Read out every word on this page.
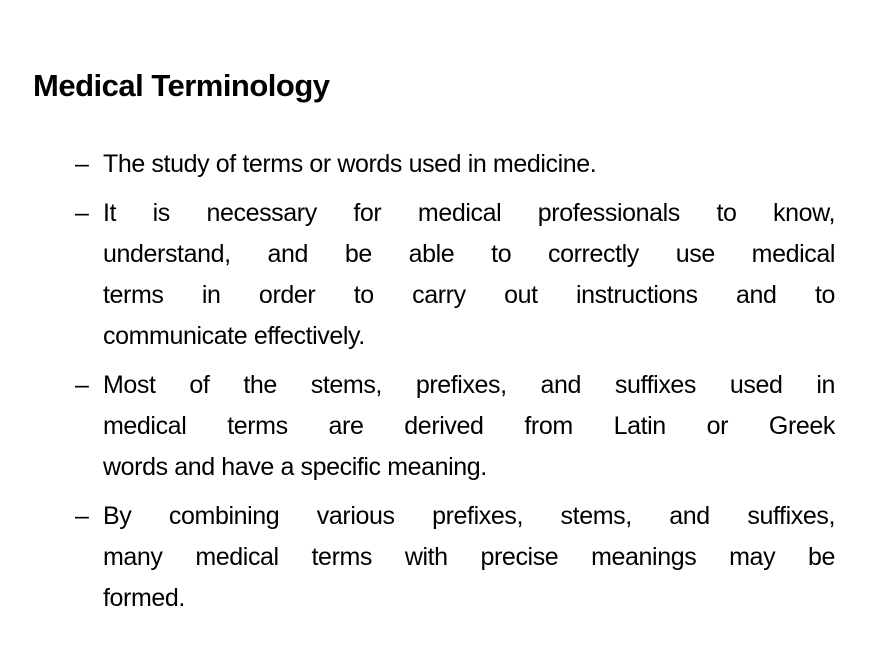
Medical Terminology
– The study of terms or words used in medicine.
– It is necessary for medical professionals to know,
understand, and be able to correctly use medical
terms in order to carry out instructions and to
communicate effectively.
– Most of the stems, prefixes, and suffixes used in
medical terms are derived from Latin or Greek
words and have a specific meaning.
– By combining various prefixes, stems, and suffixes,
many medical terms with precise meanings may be
formed.
